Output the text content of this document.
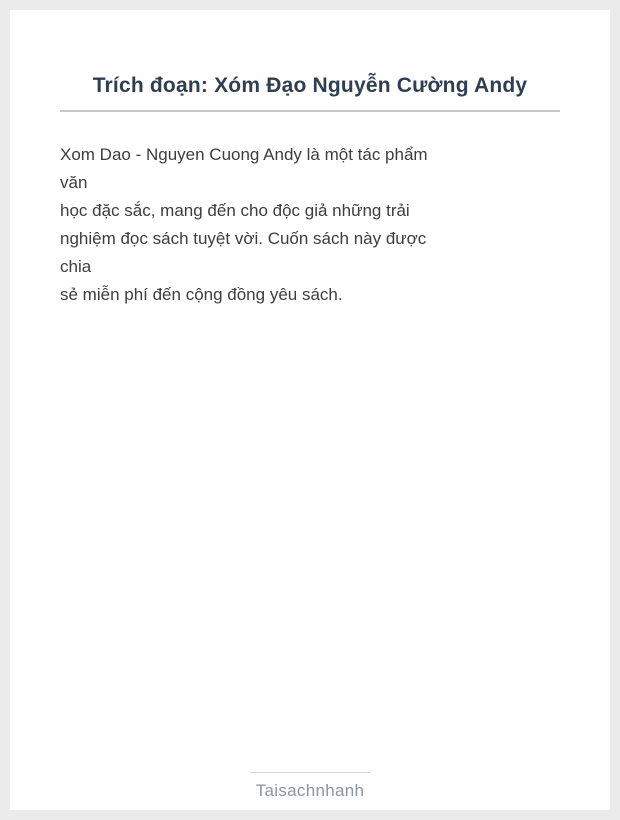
Trích đoạn: Xóm Đạo Nguyễn Cường Andy
Xom Dao - Nguyen Cuong Andy là một tác phẩm
văn
học đặc sắc, mang đến cho độc giả những trải
nghiệm đọc sách tuyệt vời. Cuốn sách này được
chia
sẻ miễn phí đến cộng đồng yêu sách.
Taisachnhanh
